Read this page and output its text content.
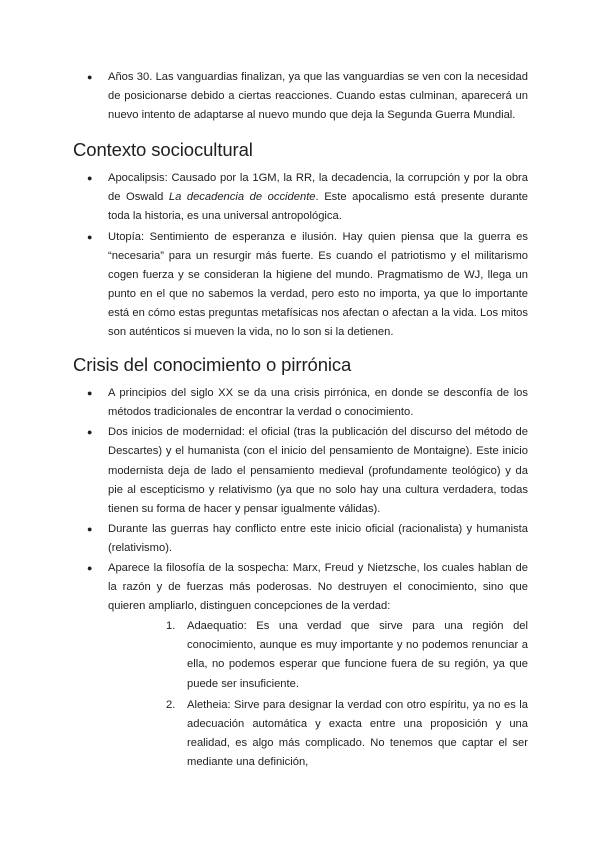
● Años 30. Las vanguardias finalizan, ya que las vanguardias se ven con la necesidad de posicionarse debido a ciertas reacciones. Cuando estas culminan, aparecerá un nuevo intento de adaptarse al nuevo mundo que deja la Segunda Guerra Mundial.
Contexto sociocultural
● Apocalipsis: Causado por la 1GM, la RR, la decadencia, la corrupción y por la obra de Oswald La decadencia de occidente. Este apocalismo está presente durante toda la historia, es una universal antropológica.
● Utopía: Sentimiento de esperanza e ilusión. Hay quien piensa que la guerra es “necesaria” para un resurgir más fuerte. Es cuando el patriotismo y el militarismo cogen fuerza y se consideran la higiene del mundo. Pragmatismo de WJ, llega un punto en el que no sabemos la verdad, pero esto no importa, ya que lo importante está en cómo estas preguntas metafísicas nos afectan o afectan a la vida. Los mitos son auténticos si mueven la vida, no lo son si la detienen.
Crisis del conocimiento o pirrónica
● A principios del siglo XX se da una crisis pirrónica, en donde se desconfía de los métodos tradicionales de encontrar la verdad o conocimiento.
● Dos inicios de modernidad: el oficial (tras la publicación del discurso del método de Descartes) y el humanista (con el inicio del pensamiento de Montaigne). Este inicio modernista deja de lado el pensamiento medieval (profundamente teológico) y da pie al escepticismo y relativismo (ya que no solo hay una cultura verdadera, todas tienen su forma de hacer y pensar igualmente válidas).
● Durante las guerras hay conflicto entre este inicio oficial (racionalista) y humanista (relativismo).
● Aparece la filosofía de la sospecha: Marx, Freud y Nietzsche, los cuales hablan de la razón y de fuerzas más poderosas. No destruyen el conocimiento, sino que quieren ampliarlo, distinguen concepciones de la verdad:
1. Adaequatio: Es una verdad que sirve para una región del conocimiento, aunque es muy importante y no podemos renunciar a ella, no podemos esperar que funcione fuera de su región, ya que puede ser insuficiente.
2. Aletheia: Sirve para designar la verdad con otro espíritu, ya no es la adecuación automática y exacta entre una proposición y una realidad, es algo más complicado. No tenemos que captar el ser mediante una definición,
